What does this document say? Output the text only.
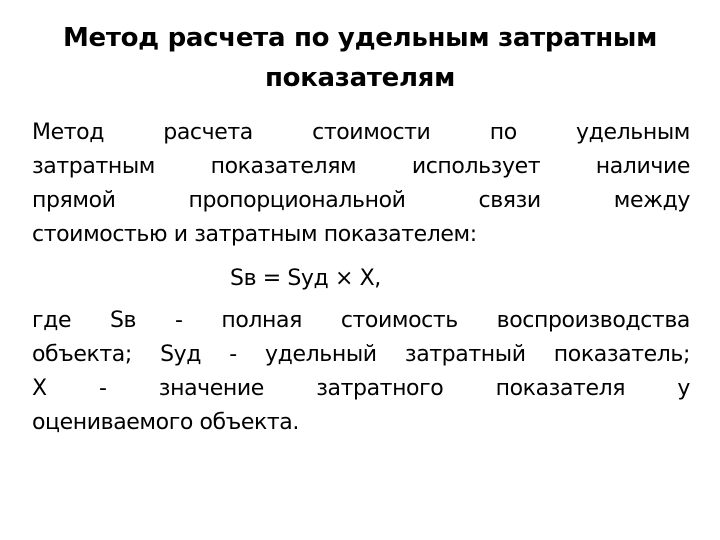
Метод расчета по удельным затратным
показателям
Метод расчета стоимости по удельным
затратным показателям использует наличие
прямой пропорциональной связи между
стоимостью и затратным показателем:
Sв = Sуд × X,
где Sв - полная стоимость воспроизводства
объекта; Sуд - удельный затратный показатель;
X - значение затратного показателя у
оцениваемого объекта.
